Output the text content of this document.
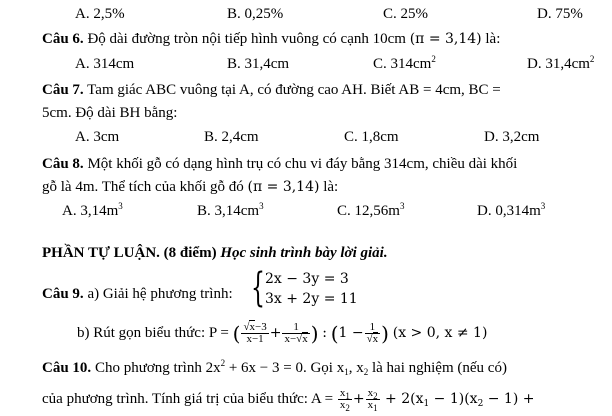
A. 2,5%	B. 0,25%	C. 25%	D. 75%
Câu 6. Độ dài đường tròn nội tiếp hình vuông có cạnh 10cm (π = 3,14) là:
A. 314cm	B. 31,4cm	C. $314cm^2$	D. $31,4cm^2$
Câu 7. Tam giác ABC vuông tại A, có đường cao AH. Biết AB = 4cm, BC =
5cm. Độ dài BH bằng:
A. 3cm	B. 2,4cm	C. 1,8cm	D. 3,2cm
Câu 8. Một khối gỗ có dạng hình trụ có chu vi đáy bằng 314cm, chiều dài khối
gỗ là 4m. Thể tích của khối gỗ đó (π = 3,14) là:
A. $3,14m^3$	B. $3,14cm^3$	C. $12,56m^3$	D. $0,314m^3$
PHẦN TỰ LUẬN. (8 điểm) Học sinh trình bày lời giải.
Câu 9. a) Giải hệ phương trình: { 2x − 3y = 3
3x + 2y = 11
b) Rút gọn biểu thức: P = ( $\frac{√x-3}{x-1} + \frac{1}{x-√x}$ ) : ($1 - \frac{1}{√x}$ ) (x > 0, x ≠ 1)
Câu 10. Cho phương trình $2x^2 + 6x - 3 = 0$. Gọi $x_1$, $x_2$ là hai nghiệm (nếu có)
của phương trình. Tính giá trị của biểu thức: $A = \frac{x_1}{x_2} + \frac{x_2}{x_1} + 2(x_1 - 1)(x_2 - 1)$ +
